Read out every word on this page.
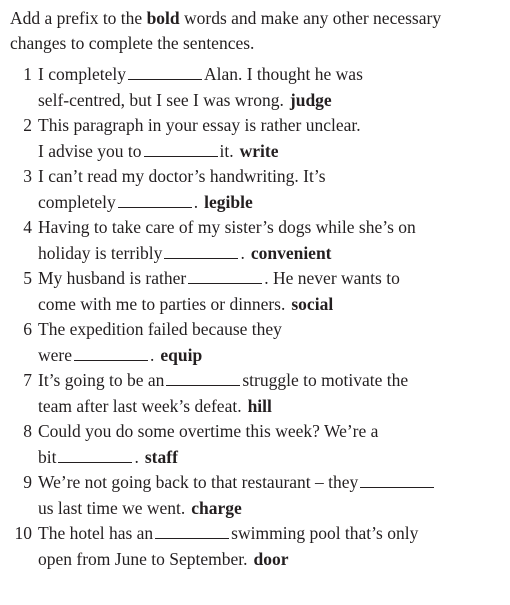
Add a prefix to the bold words and make any other necessary changes to complete the sentences.

1 I completely	Alan. I thought he was
self-centred, but I see I was wrong. judge
2 This paragraph in your essay is rather unclear.
I advise you to	it. write
3 I can’t read my doctor’s handwriting. It’s
completely	. legible
4 Having to take care of my sister’s dogs while she’s on
holiday is terribly	. convenient
5 My husband is rather	. He never wants to
come with me to parties or dinners. social
6 The expedition failed because they
were	. equip
7 It’s going to be an	struggle to motivate the
team after last week’s defeat. hill
8 Could you do some overtime this week? We’re a
bit	. staff
9 We’re not going back to that restaurant – they
us last time we went. charge
10 The hotel has an	swimming pool that’s only
open from June to September. door
